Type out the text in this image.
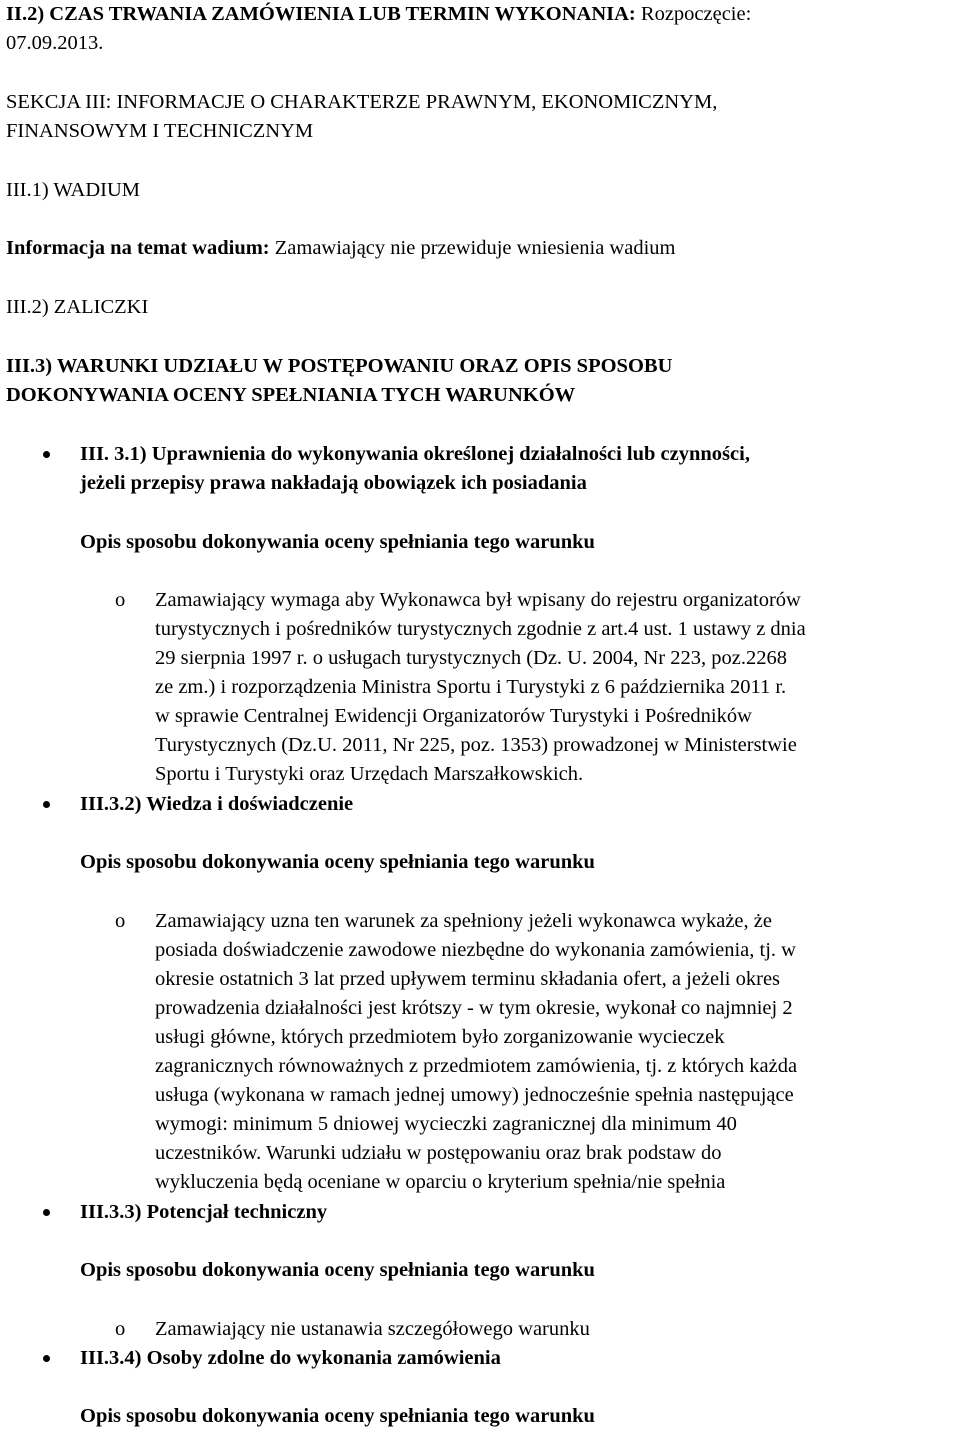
II.2) CZAS TRWANIA ZAMÓWIENIA LUB TERMIN WYKONANIA: Rozpoczęcie:
07.09.2013.
SEKCJA III: INFORMACJE O CHARAKTERZE PRAWNYM, EKONOMICZNYM,
FINANSOWYM I TECHNICZNYM
III.1) WADIUM
Informacja na temat wadium: Zamawiający nie przewiduje wniesienia wadium
III.2) ZALICZKI
III.3) WARUNKI UDZIAŁU W POSTĘPOWANIU ORAZ OPIS SPOSOBU
DOKONYWANIA OCENY SPEŁNIANIA TYCH WARUNKÓW
III. 3.1) Uprawnienia do wykonywania określonej działalności lub czynności,
jeżeli przepisy prawa nakładają obowiązek ich posiadania
Opis sposobu dokonywania oceny spełniania tego warunku
o Zamawiający wymaga aby Wykonawca był wpisany do rejestru organizatorów
turystycznych i pośredników turystycznych zgodnie z art.4 ust. 1 ustawy z dnia
29 sierpnia 1997 r. o usługach turystycznych (Dz. U. 2004, Nr 223, poz.2268
ze zm.) i rozporządzenia Ministra Sportu i Turystyki z 6 października 2011 r.
w sprawie Centralnej Ewidencji Organizatorów Turystyki i Pośredników
Turystycznych (Dz.U. 2011, Nr 225, poz. 1353) prowadzonej w Ministerstwie
Sportu i Turystyki oraz Urzędach Marszałkowskich.
III.3.2) Wiedza i doświadczenie
Opis sposobu dokonywania oceny spełniania tego warunku
o Zamawiający uzna ten warunek za spełniony jeżeli wykonawca wykaże, że
posiada doświadczenie zawodowe niezbędne do wykonania zamówienia, tj. w
okresie ostatnich 3 lat przed upływem terminu składania ofert, a jeżeli okres
prowadzenia działalności jest krótszy - w tym okresie, wykonał co najmniej 2
usługi główne, których przedmiotem było zorganizowanie wycieczek
zagranicznych równoważnych z przedmiotem zamówienia, tj. z których każda
usługa (wykonana w ramach jednej umowy) jednocześnie spełnia następujące
wymogi: minimum 5 dniowej wycieczki zagranicznej dla minimum 40
uczestników. Warunki udziału w postępowaniu oraz brak podstaw do
wykluczenia będą oceniane w oparciu o kryterium spełnia/nie spełnia
III.3.3) Potencjał techniczny
Opis sposobu dokonywania oceny spełniania tego warunku
o Zamawiający nie ustanawia szczegółowego warunku
III.3.4) Osoby zdolne do wykonania zamówienia
Opis sposobu dokonywania oceny spełniania tego warunku
